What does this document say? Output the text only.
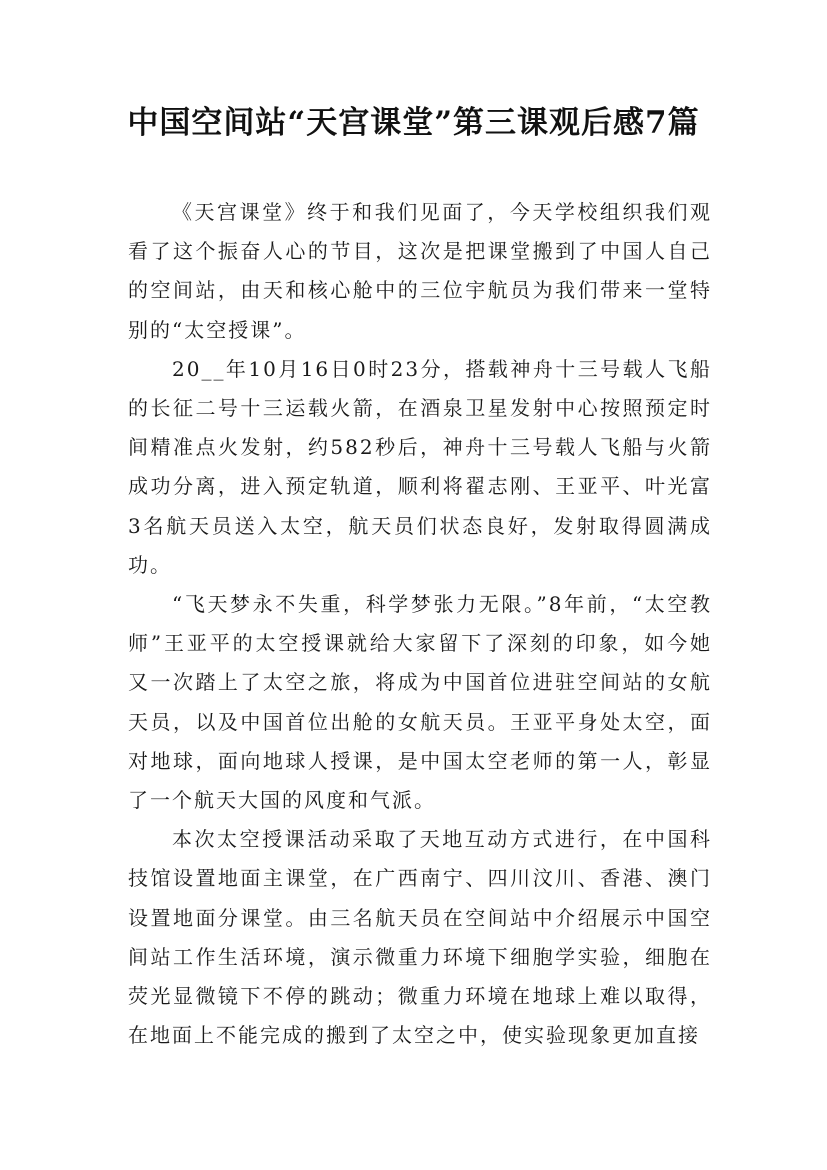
中国空间站“天宫课堂”第三课观后感7篇

《天宫课堂》终于和我们见面了，今天学校组织我们观看了这个振奋人心的节目，这次是把课堂搬到了中国人自己的空间站，由天和核心舱中的三位宇航员为我们带来一堂特别的“太空授课”。

20__年10月16日0时23分，搭载神舟十三号载人飞船的长征二号十三运载火箭，在酒泉卫星发射中心按照预定时间精准点火发射，约582秒后，神舟十三号载人飞船与火箭成功分离，进入预定轨道，顺利将翟志刚、王亚平、叶光富3名航天员送入太空，航天员们状态良好，发射取得圆满成功。

“飞天梦永不失重，科学梦张力无限。”8年前，“太空教师”王亚平的太空授课就给大家留下了深刻的印象，如今她又一次踏上了太空之旅，将成为中国首位进驻空间站的女航天员，以及中国首位出舱的女航天员。王亚平身处太空，面对地球，面向地球人授课，是中国太空老师的第一人，彰显了一个航天大国的风度和气派。

本次太空授课活动采取了天地互动方式进行，在中国科技馆设置地面主课堂，在广西南宁、四川汶川、香港、澳门设置地面分课堂。由三名航天员在空间站中介绍展示中国空间站工作生活环境，演示微重力环境下细胞学实验，细胞在荧光显微镜下不停的跳动；微重力环境在地球上难以取得，在地面上不能完成的搬到了太空之中，使实验现象更加直接
